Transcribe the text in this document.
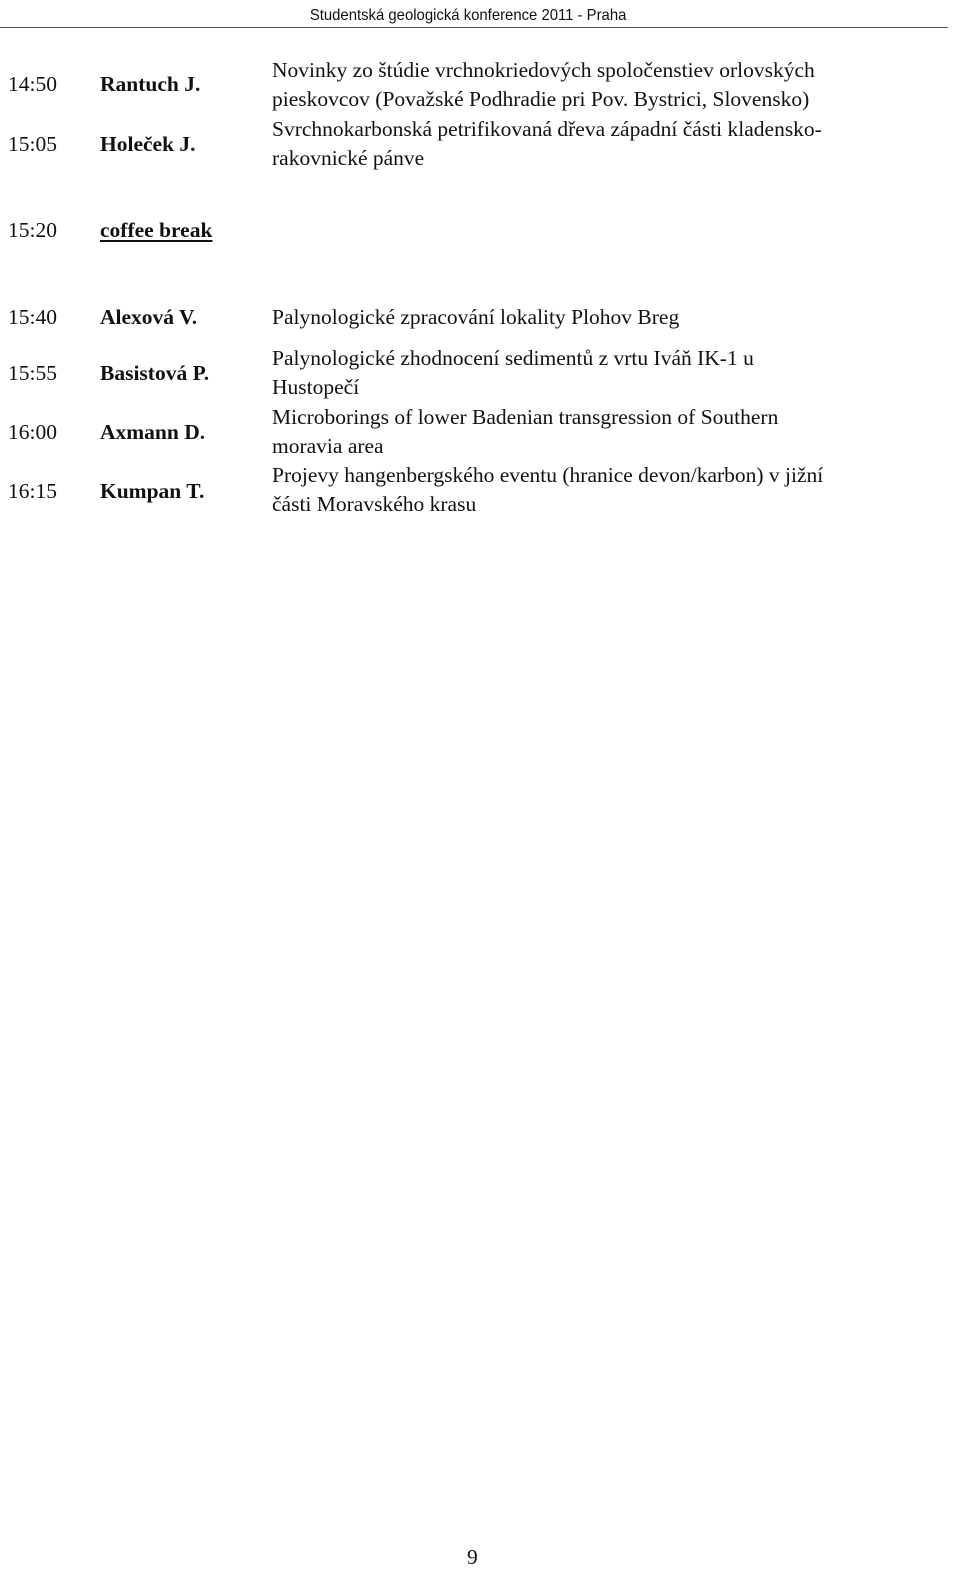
Studentská geologická konference 2011 - Praha
14:50 Rantuch J.
Novinky zo štúdie vrchnokriedových spoločenstiev orlovských
pieskovcov (Považské Podhradie pri Pov. Bystrici, Slovensko)
15:05 Holeček J.
Svrchnokarbonská petrifikovaná dřeva západní části kladensko-
rakovnické pánve
15:20 coffee break
15:40 Alexová V.	Palynologické zpracování lokality Plohov Breg
15:55 Basistová P.
Palynologické zhodnocení sedimentů z vrtu Iváň IK-1 u
Hustopečí
16:00 Axmann D.
Microborings of lower Badenian transgression of Southern
moravia area
16:15 Kumpan T.
Projevy hangenbergského eventu (hranice devon/karbon) v jižní
části Moravského krasu
9
